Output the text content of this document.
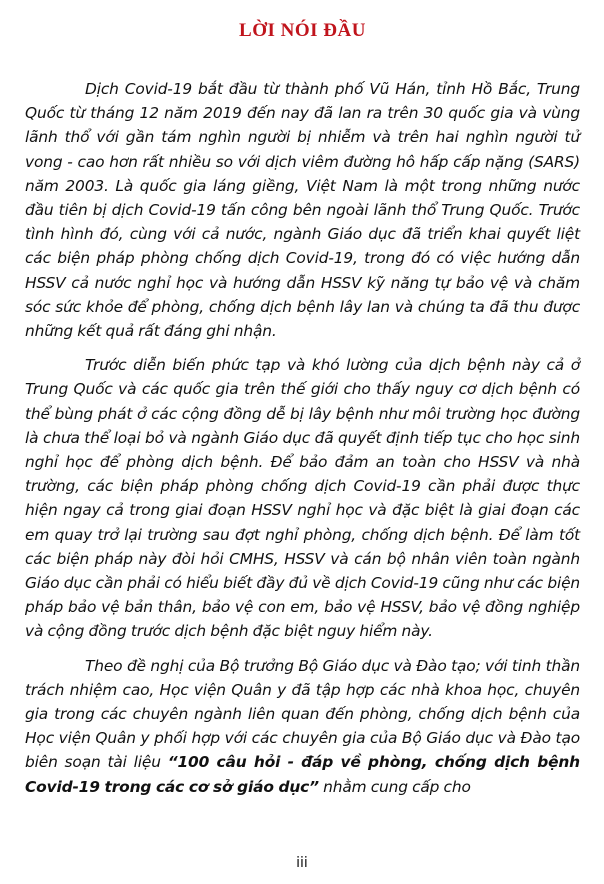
LỜI NÓI ĐẦU

Dịch Covid-19 bắt đầu từ thành phố Vũ Hán, tỉnh Hồ Bắc, Trung Quốc từ tháng 12 năm 2019 đến nay đã lan ra trên 30 quốc gia và vùng lãnh thổ với gần tám nghìn người bị nhiễm và trên hai nghìn người tử vong - cao hơn rất nhiều so với dịch viêm đường hô hấp cấp nặng (SARS) năm 2003. Là quốc gia láng giềng, Việt Nam là một trong những nước đầu tiên bị dịch Covid-19 tấn công bên ngoài lãnh thổ Trung Quốc. Trước tình hình đó, cùng với cả nước, ngành Giáo dục đã triển khai quyết liệt các biện pháp phòng chống dịch Covid-19, trong đó có việc hướng dẫn HSSV cả nước nghỉ học và hướng dẫn HSSV kỹ năng tự bảo vệ và chăm sóc sức khỏe để phòng, chống dịch bệnh lây lan và chúng ta đã thu được những kết quả rất đáng ghi nhận.

Trước diễn biến phức tạp và khó lường của dịch bệnh này cả ở Trung Quốc và các quốc gia trên thế giới cho thấy nguy cơ dịch bệnh có thể bùng phát ở các cộng đồng dễ bị lây bệnh như môi trường học đường là chưa thể loại bỏ và ngành Giáo dục đã quyết định tiếp tục cho học sinh nghỉ học để phòng dịch bệnh. Để bảo đảm an toàn cho HSSV và nhà trường, các biện pháp phòng chống dịch Covid-19 cần phải được thực hiện ngay cả trong giai đoạn HSSV nghỉ học và đặc biệt là giai đoạn các em quay trở lại trường sau đợt nghỉ phòng, chống dịch bệnh. Để làm tốt các biện pháp này đòi hỏi CMHS, HSSV và cán bộ nhân viên toàn ngành Giáo dục cần phải có hiểu biết đầy đủ về dịch Covid-19 cũng như các biện pháp bảo vệ bản thân, bảo vệ con em, bảo vệ HSSV, bảo vệ đồng nghiệp và cộng đồng trước dịch bệnh đặc biệt nguy hiểm này.

Theo đề nghị của Bộ trưởng Bộ Giáo dục và Đào tạo; với tinh thần trách nhiệm cao, Học viện Quân y đã tập hợp các nhà khoa học, chuyên gia trong các chuyên ngành liên quan đến phòng, chống dịch bệnh của Học viện Quân y phối hợp với các chuyên gia của Bộ Giáo dục và Đào tạo biên soạn tài liệu “100 câu hỏi - đáp về phòng, chống dịch bệnh Covid-19 trong các cơ sở giáo dục” nhằm cung cấp cho

iii
